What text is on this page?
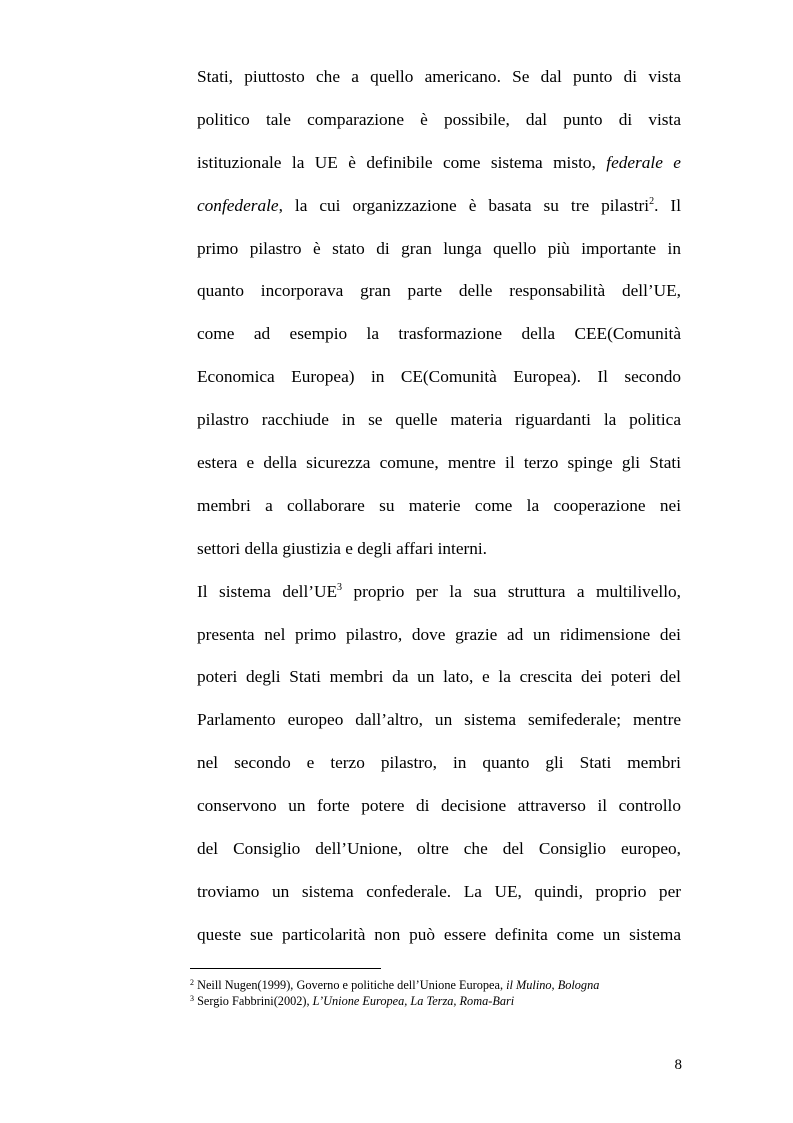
Stati, piuttosto che a quello americano. Se dal punto di vista
politico tale comparazione è possibile, dal punto di vista
istituzionale la UE è definibile come sistema misto, federale e
confederale, la cui organizzazione è basata su tre pilastri$^2$. Il
primo pilastro è stato di gran lunga quello più importante in
quanto incorporava gran parte delle responsabilità dell’UE,
come ad esempio la trasformazione della CEE(Comunità
Economica Europea) in CE(Comunità Europea). Il secondo
pilastro racchiude in se quelle materia riguardanti la politica
estera e della sicurezza comune, mentre il terzo spinge gli Stati
membri a collaborare su materie come la cooperazione nei
settori della giustizia e degli affari interni.
Il sistema dell’UE$^3$ proprio per la sua struttura a multilivello,
presenta nel primo pilastro, dove grazie ad un ridimensione dei
poteri degli Stati membri da un lato, e la crescita dei poteri del
Parlamento europeo dall’altro, un sistema semifederale; mentre
nel secondo e terzo pilastro, in quanto gli Stati membri
conservono un forte potere di decisione attraverso il controllo
del Consiglio dell’Unione, oltre che del Consiglio europeo,
troviamo un sistema confederale. La UE, quindi, proprio per
queste sue particolarità non può essere definita come un sistema
$^2$ Neill Nugen(1999), Governo e politiche dell’Unione Europea, il Mulino, Bologna
$^3$ Sergio Fabbrini(2002), L’Unione Europea, La Terza, Roma-Bari
8
